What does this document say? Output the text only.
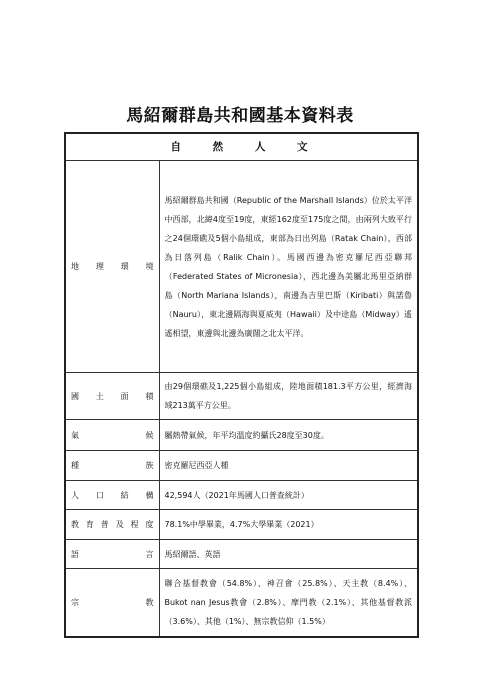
馬紹爾群島共和國基本資料表
自 然 人 文	
地理環境	馬紹爾群島共和國（Republic of the Marshall Islands）位於太平洋中西部，北緯4度至19度，東經162度至175度之間，由兩列大致平行之24個環礁及5個小島組成，東部為日出列島（Ratak Chain），西部為日落列島（Ralik Chain）。馬國西邊為密克羅尼西亞聯邦（Federated States of Micronesia），西北邊為美屬北馬里亞納群島（North Mariana Islands），南邊為吉里巴斯（Kiribati）與諾魯（Nauru），東北邊隔海與夏威夷（Hawaii）及中途島（Midway）遙遙相望，東邊與北邊為廣闊之北太平洋。
國土面積	由29個環礁及1,225個小島組成，陸地面積181.3平方公里，經濟海域213萬平方公里。
氣候	屬熱帶氣候，年平均溫度約攝氏28度至30度。
種族	密克羅尼西亞人種
人口結構	42,594人（2021年馬國人口普查統計）
教育普及程度	78.1%中學畢業，4.7%大學畢業（2021）
語言	馬紹爾語、英語
宗教	聯合基督教會（54.8%）、神召會（25.8%）、天主教（8.4%）、Bukot nan Jesus教會（2.8%）、摩門教（2.1%）、其他基督教派（3.6%）、其他（1%）、無宗教信仰（1.5%）
